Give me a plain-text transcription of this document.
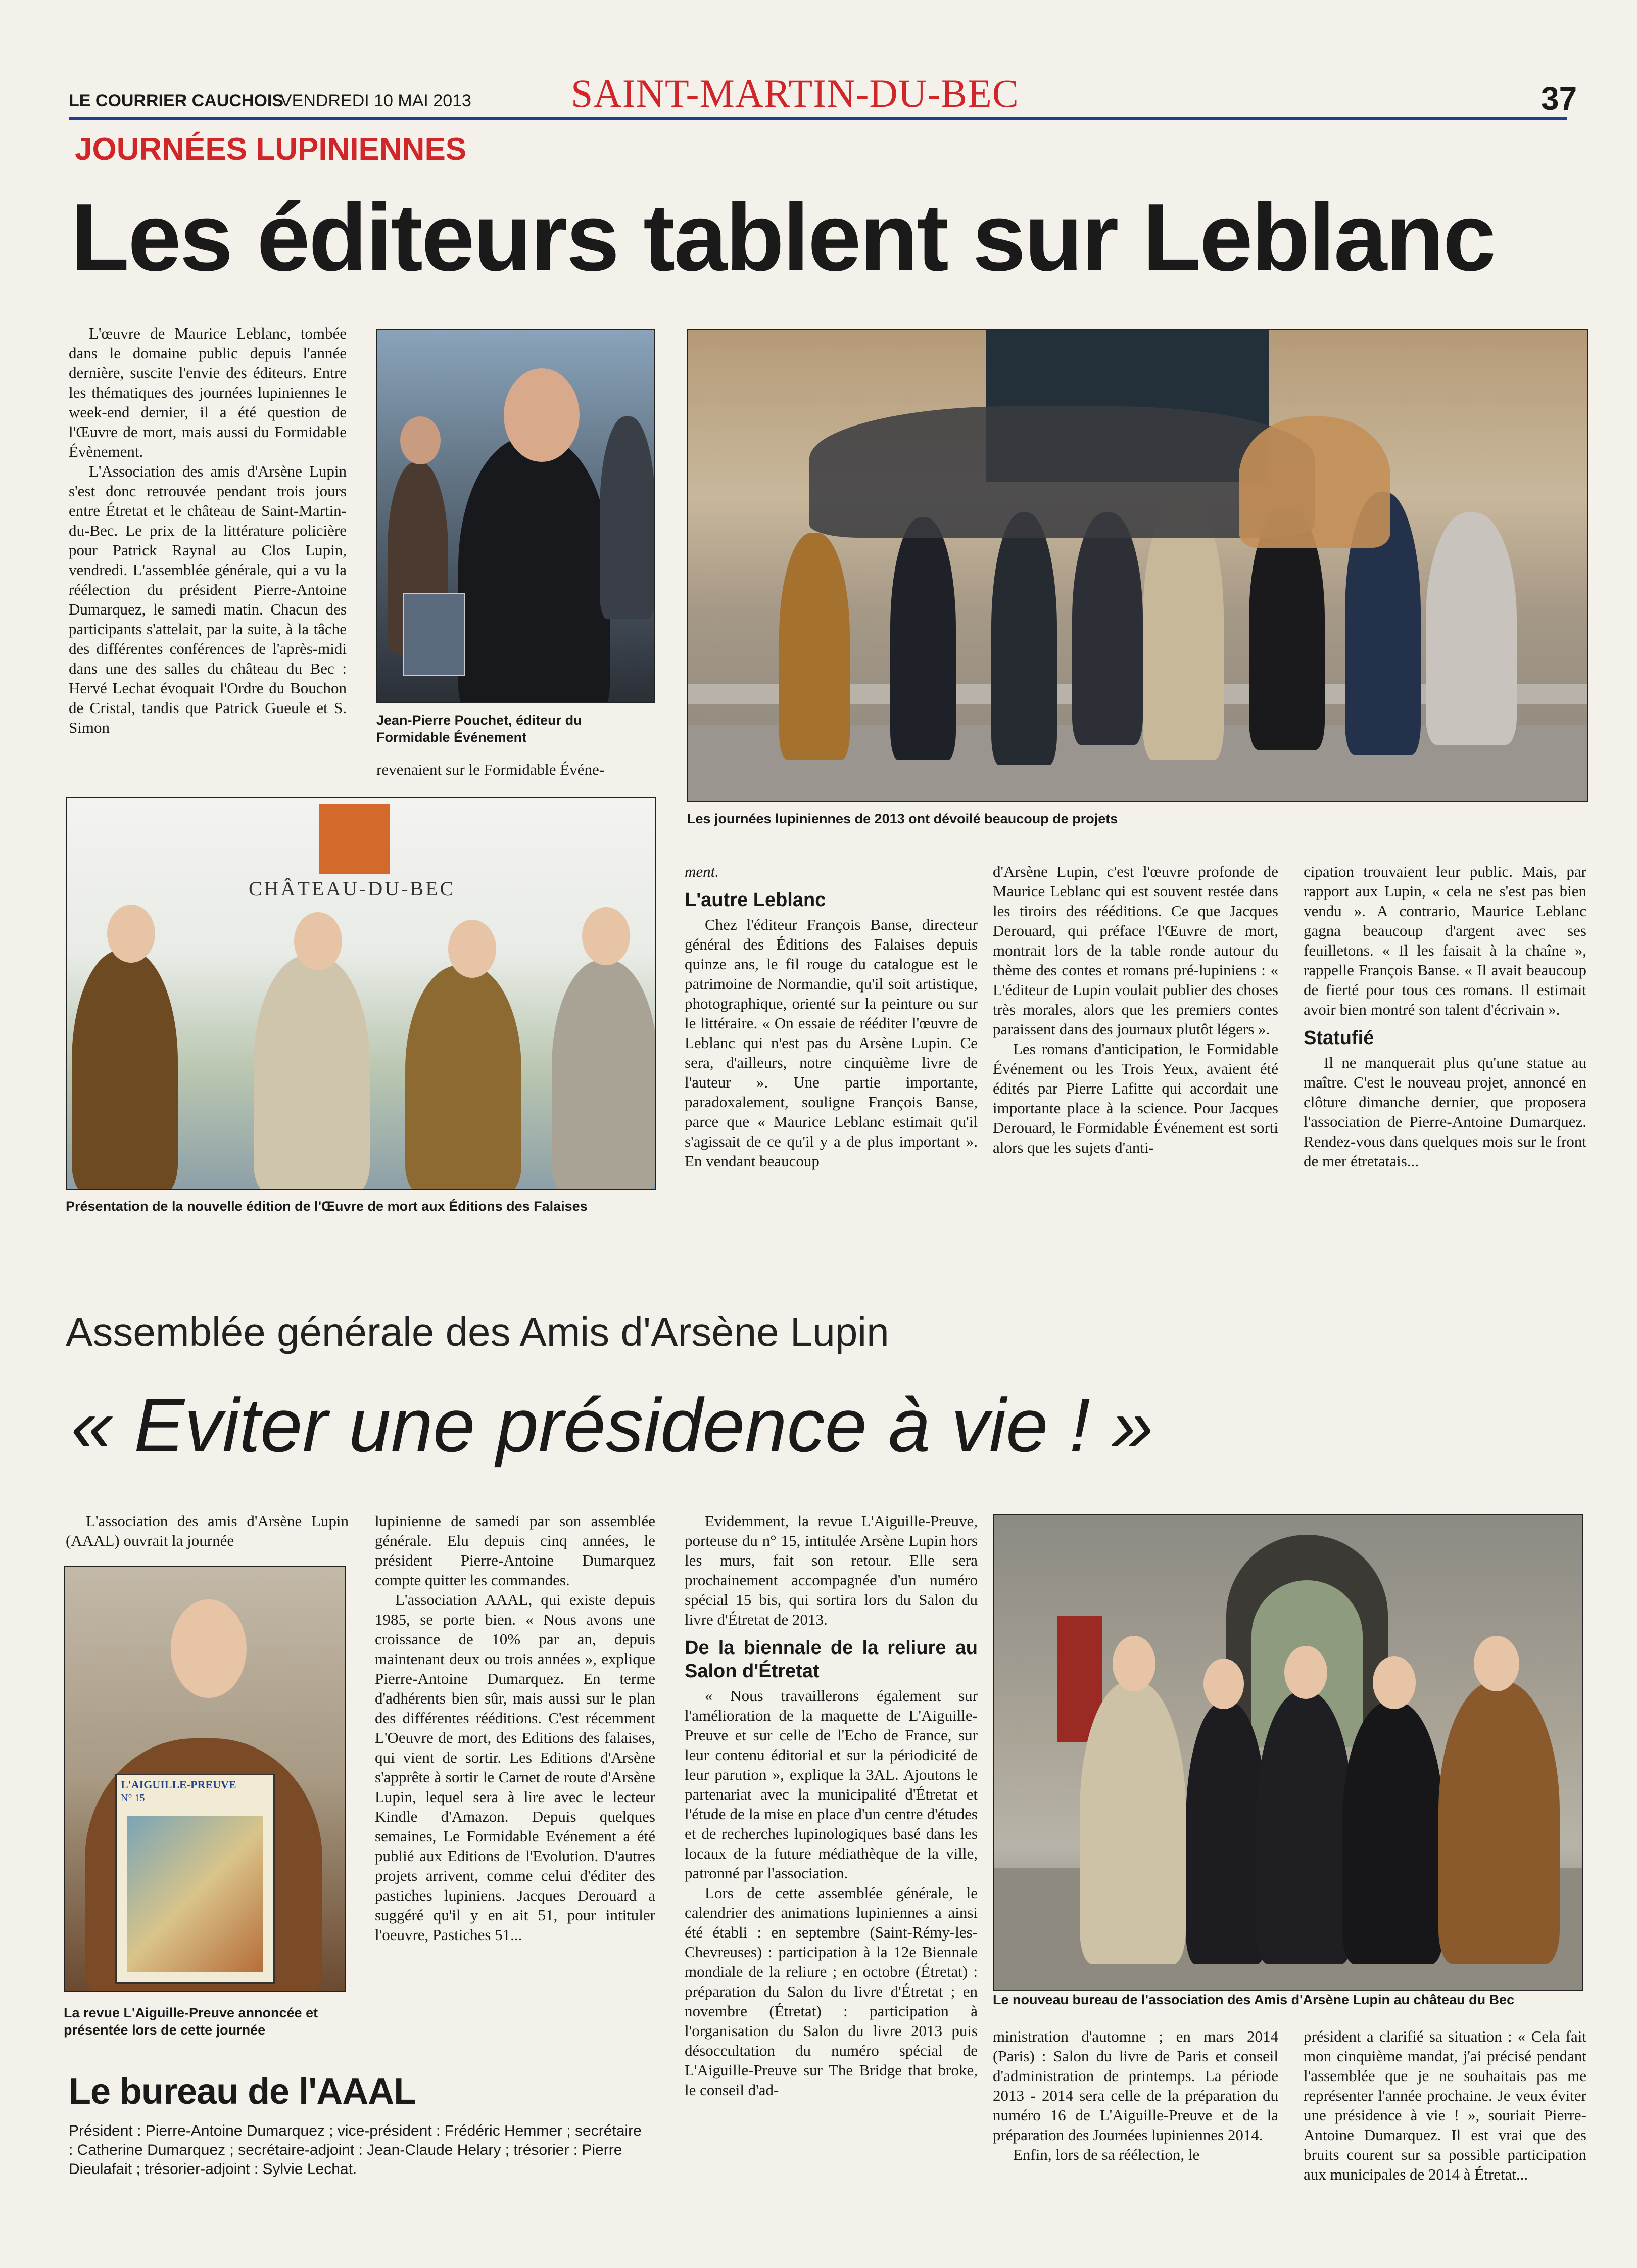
LE COURRIER CAUCHOIS
VENDREDI 10 MAI 2013	SAINT-MARTIN-DU-BEC	37
JOURNÉES LUPINIENNES
Les éditeurs tablent sur Leblanc

L'œuvre de Maurice Leblanc, tombée dans le domaine public depuis l'année dernière, suscite l'envie des éditeurs. Entre les thématiques des journées lupiniennes le week-end dernier, il a été question de l'Œuvre de mort, mais aussi du Formidable Évènement.

L'Association des amis d'Arsène Lupin s'est donc retrouvée pendant trois jours entre Étretat et le château de Saint-Martin-du-Bec. Le prix de la littérature policière pour Patrick Raynal au Clos Lupin, vendredi. L'assemblée générale, qui a vu la réélection du président Pierre-Antoine Dumarquez, le samedi matin. Chacun des participants s'attelait, par la suite, à la tâche des différentes conférences de l'après-midi dans une des salles du château du Bec : Hervé Lechat évoquait l'Ordre du Bouchon de Cristal, tandis que Patrick Gueule et S. Simon	Jean-Pierre Pouchet, éditeur du Formidable Événement
revenaient sur le Formidable Événe-
Les journées lupiniennes de 2013 ont dévoilé beaucoup de projets
CHÂTEAU-DU-BEC
Présentation de la nouvelle édition de l'Œuvre de mort aux Éditions des Falaises

ment.

L'autre Leblanc

Chez l'éditeur François Banse, directeur général des Éditions des Falaises depuis quinze ans, le fil rouge du catalogue est le patrimoine de Normandie, qu'il soit artistique, photographique, orienté sur la peinture ou sur le littéraire. « On essaie de rééditer l'œuvre de Leblanc qui n'est pas du Arsène Lupin. Ce sera, d'ailleurs, notre cinquième livre de l'auteur ». Une partie importante, paradoxalement, souligne François Banse, parce que « Maurice Leblanc estimait qu'il s'agissait de ce qu'il y a de plus important ». En vendant beaucoup

d'Arsène Lupin, c'est l'œuvre profonde de Maurice Leblanc qui est souvent restée dans les tiroirs des rééditions. Ce que Jacques Derouard, qui préface l'Œuvre de mort, montrait lors de la table ronde autour du thème des contes et romans pré-lupiniens : « L'éditeur de Lupin voulait publier des choses très morales, alors que les premiers contes paraissent dans des journaux plutôt légers ».

Les romans d'anticipation, le Formidable Événement ou les Trois Yeux, avaient été édités par Pierre Lafitte qui accordait une importante place à la science. Pour Jacques Derouard, le Formidable Événement est sorti alors que les sujets d'anti-

cipation trouvaient leur public. Mais, par rapport aux Lupin, « cela ne s'est pas bien vendu ». A contrario, Maurice Leblanc gagna beaucoup d'argent avec ses feuilletons. « Il les faisait à la chaîne », rappelle François Banse. « Il avait beaucoup de fierté pour tous ces romans. Il estimait avoir bien montré son talent d'écrivain ».

Statufié

Il ne manquerait plus qu'une statue au maître. C'est le nouveau projet, annoncé en clôture dimanche dernier, que proposera l'association de Pierre-Antoine Dumarquez. Rendez-vous dans quelques mois sur le front de mer étretatais...

Assemblée générale des Amis d'Arsène Lupin
« Eviter une présidence à vie ! »

L'association des amis d'Arsène Lupin (AAAL) ouvrait la journée

L'AIGUILLE-PREUVE
N° 15
La revue L'Aiguille-Preuve annoncée et présentée lors de cette journée

lupinienne de samedi par son assemblée générale. Elu depuis cinq années, le président Pierre-Antoine Dumarquez compte quitter les commandes.

L'association AAAL, qui existe depuis 1985, se porte bien. « Nous avons une croissance de 10% par an, depuis maintenant deux ou trois années », explique Pierre-Antoine Dumarquez. En terme d'adhérents bien sûr, mais aussi sur le plan des différentes rééditions. C'est récemment L'Oeuvre de mort, des Editions des falaises, qui vient de sortir. Les Editions d'Arsène s'apprête à sortir le Carnet de route d'Arsène Lupin, lequel sera à lire avec le lecteur Kindle d'Amazon. Depuis quelques semaines, Le Formidable Evénement a été publié aux Editions de l'Evolution. D'autres projets arrivent, comme celui d'éditer des pastiches lupiniens. Jacques Derouard a suggéré qu'il y en ait 51, pour intituler l'oeuvre, Pastiches 51...

Evidemment, la revue L'Aiguille-Preuve, porteuse du n° 15, intitulée Arsène Lupin hors les murs, fait son retour. Elle sera prochainement accompagnée d'un numéro spécial 15 bis, qui sortira lors du Salon du livre d'Étretat de 2013.

De la biennale de la reliure au Salon d'Étretat

« Nous travaillerons également sur l'amélioration de la maquette de L'Aiguille-Preuve et sur celle de l'Echo de France, sur leur contenu éditorial et sur la périodicité de leur parution », explique la 3AL. Ajoutons le partenariat avec la municipalité d'Étretat et l'étude de la mise en place d'un centre d'études et de recherches lupinologiques basé dans les locaux de la future médiathèque de la ville, patronné par l'association.

Lors de cette assemblée générale, le calendrier des animations lupiniennes a ainsi été établi : en septembre (Saint-Rémy-les-Chevreuses) : participation à la 12e Biennale mondiale de la reliure ; en octobre (Étretat) : préparation du Salon du livre d'Étretat ; en novembre (Étretat) : participation à l'organisation du Salon du livre 2013 puis désoccultation du numéro spécial de L'Aiguille-Preuve sur The Bridge that broke, le conseil d'ad-

Le nouveau bureau de l'association des Amis d'Arsène Lupin au château du Bec

ministration d'automne ; en mars 2014 (Paris) : Salon du livre de Paris et conseil d'administration de printemps. La période 2013 - 2014 sera celle de la préparation du numéro 16 de L'Aiguille-Preuve et de la préparation des Journées lupiniennes 2014.

Enfin, lors de sa réélection, le

président a clarifié sa situation : « Cela fait mon cinquième mandat, j'ai précisé pendant l'assemblée que je ne souhaitais pas me représenter l'année prochaine. Je veux éviter une présidence à vie ! », souriait Pierre-Antoine Dumarquez. Il est vrai que des bruits courent sur sa possible participation aux municipales de 2014 à Étretat...

Le bureau de l'AAAL
Président : Pierre-Antoine Dumarquez ; vice-président : Frédéric Hemmer ; secrétaire : Catherine Dumarquez ; secrétaire-adjoint : Jean-Claude Helary ; trésorier : Pierre Dieulafait ; trésorier-adjoint : Sylvie Lechat.
